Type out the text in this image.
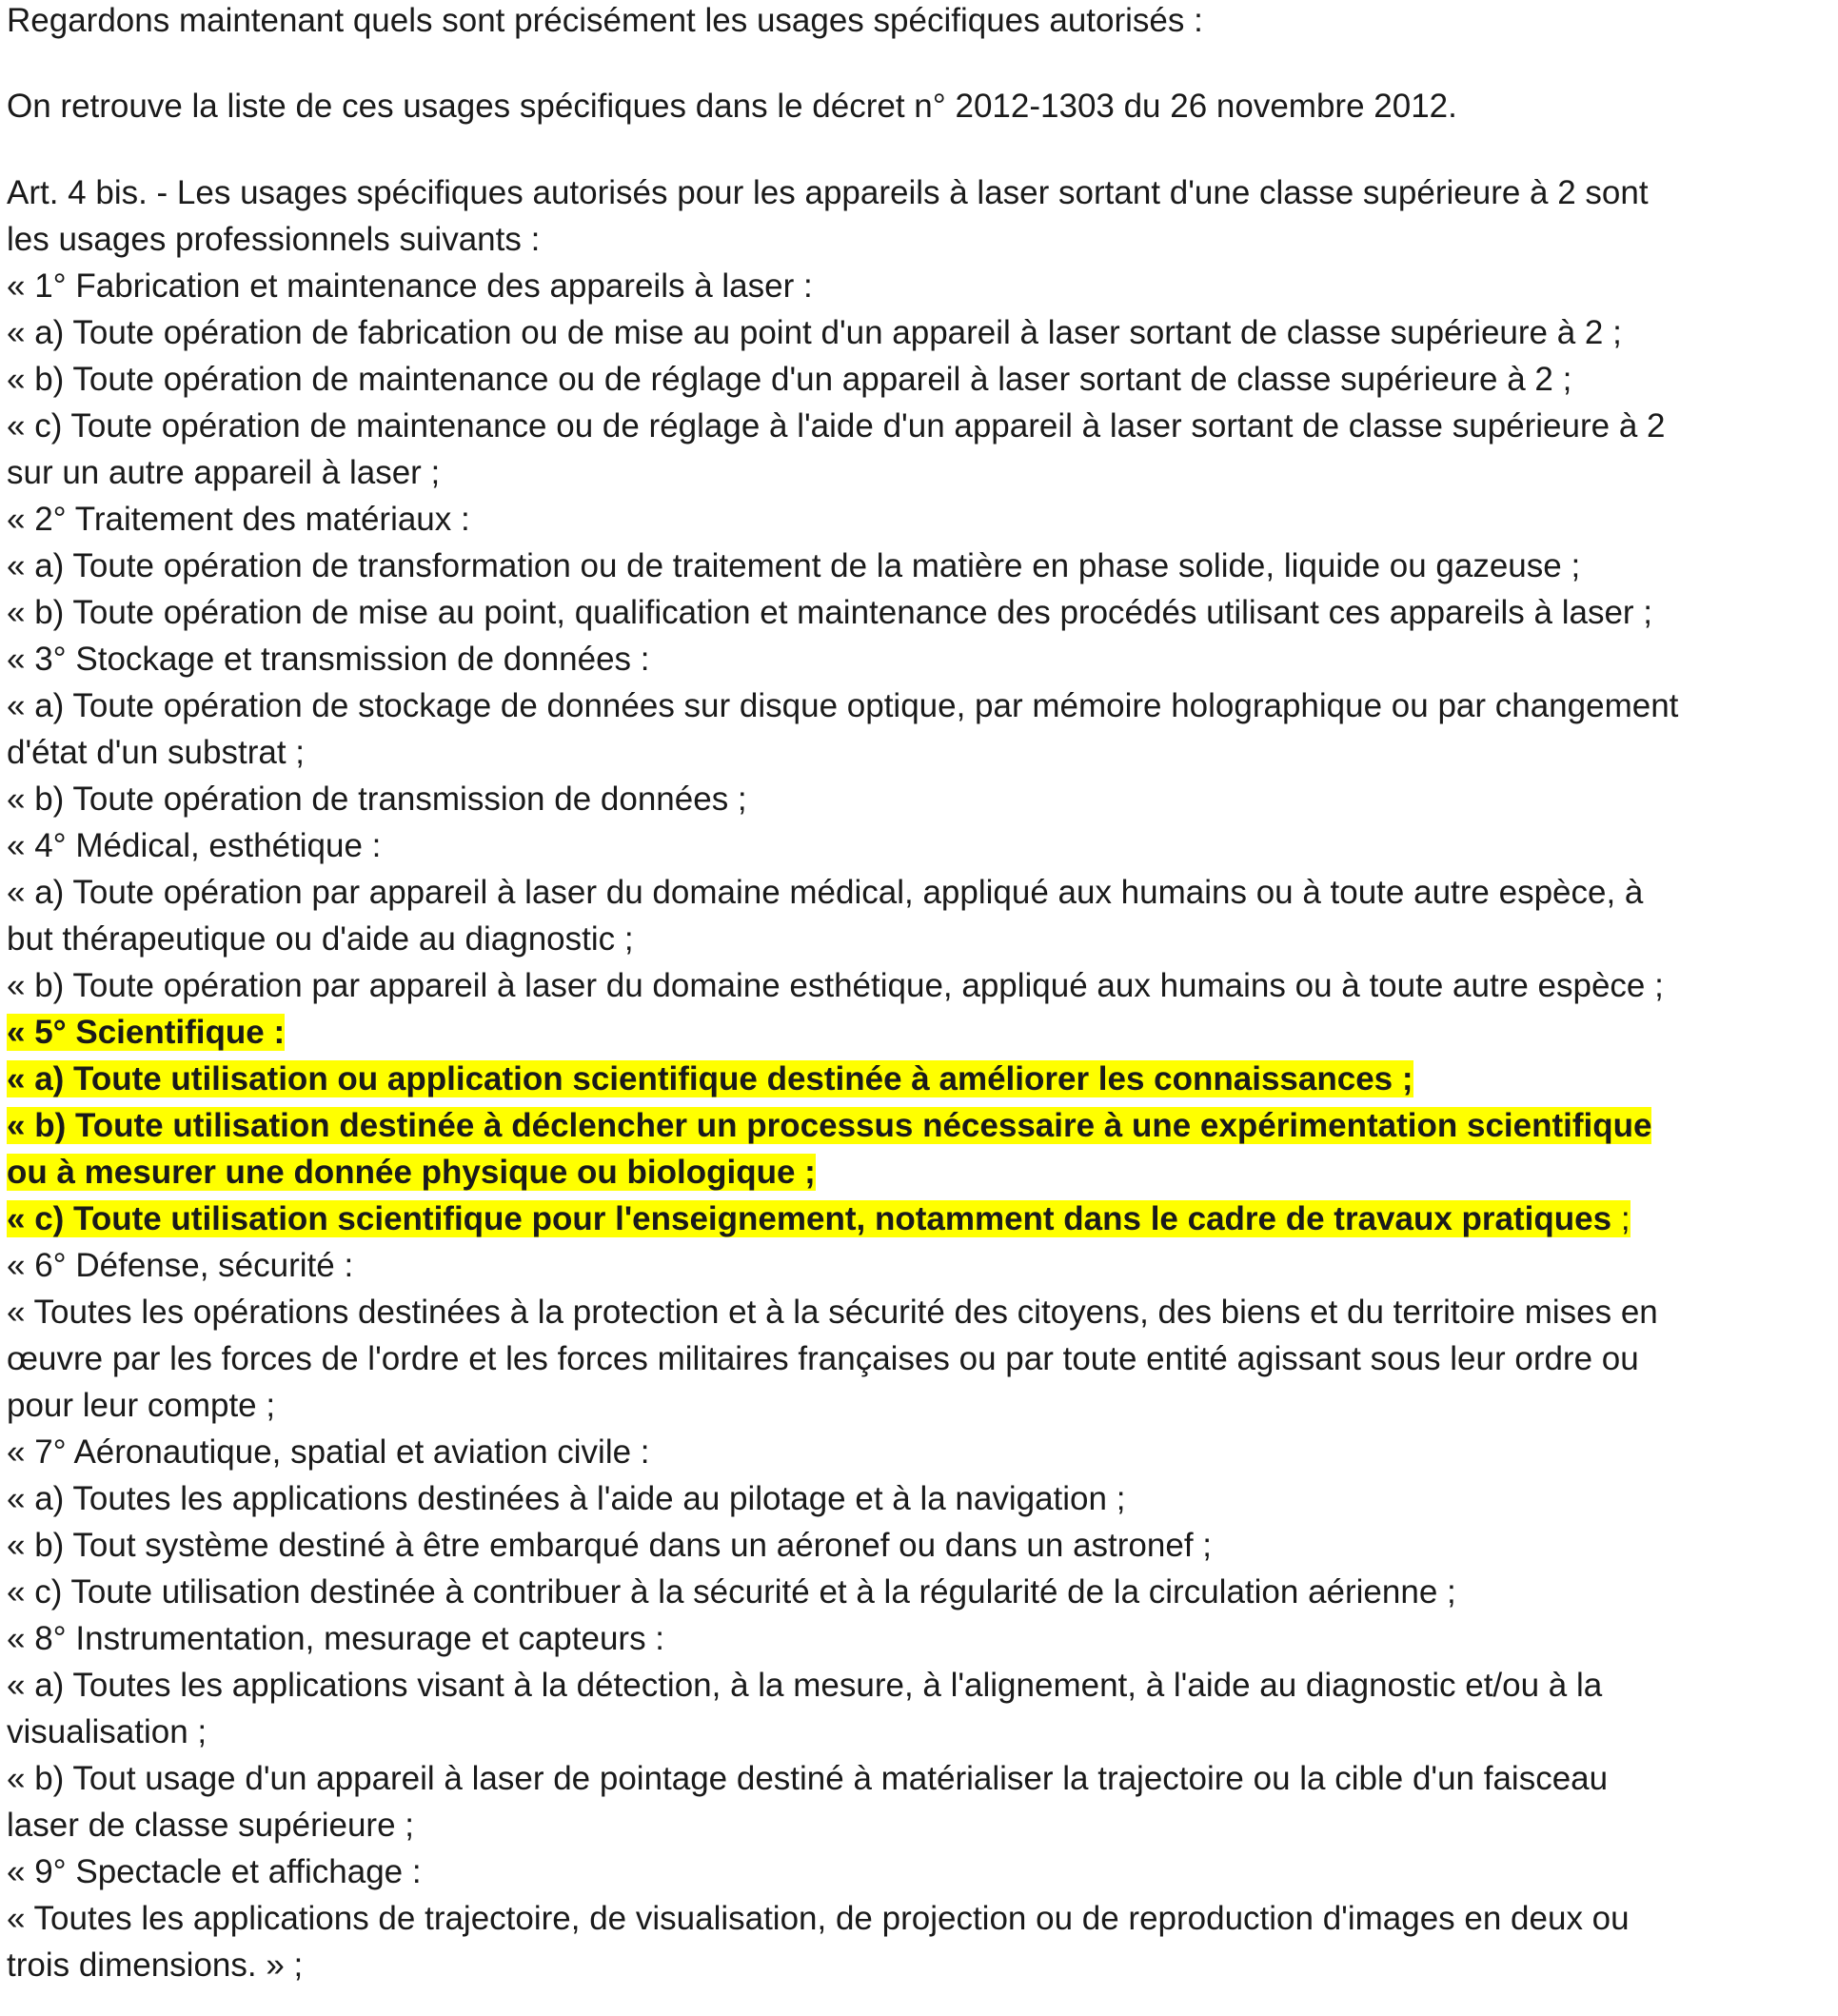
Regardons maintenant quels sont précisément les usages spécifiques autorisés :
On retrouve la liste de ces usages spécifiques dans le décret n° 2012-1303 du 26 novembre 2012.
Art. 4 bis. - Les usages spécifiques autorisés pour les appareils à laser sortant d'une classe supérieure à 2 sont
les usages professionnels suivants :
« 1° Fabrication et maintenance des appareils à laser :
« a) Toute opération de fabrication ou de mise au point d'un appareil à laser sortant de classe supérieure à 2 ;
« b) Toute opération de maintenance ou de réglage d'un appareil à laser sortant de classe supérieure à 2 ;
« c) Toute opération de maintenance ou de réglage à l'aide d'un appareil à laser sortant de classe supérieure à 2
sur un autre appareil à laser ;
« 2° Traitement des matériaux :
« a) Toute opération de transformation ou de traitement de la matière en phase solide, liquide ou gazeuse ;
« b) Toute opération de mise au point, qualification et maintenance des procédés utilisant ces appareils à laser ;
« 3° Stockage et transmission de données :
« a) Toute opération de stockage de données sur disque optique, par mémoire holographique ou par changement
d'état d'un substrat ;
« b) Toute opération de transmission de données ;
« 4° Médical, esthétique :
« a) Toute opération par appareil à laser du domaine médical, appliqué aux humains ou à toute autre espèce, à
but thérapeutique ou d'aide au diagnostic ;
« b) Toute opération par appareil à laser du domaine esthétique, appliqué aux humains ou à toute autre espèce ;
« 5° Scientifique :
« a) Toute utilisation ou application scientifique destinée à améliorer les connaissances ;
« b) Toute utilisation destinée à déclencher un processus nécessaire à une expérimentation scientifique
ou à mesurer une donnée physique ou biologique ;
« c) Toute utilisation scientifique pour l'enseignement, notamment dans le cadre de travaux pratiques ;
« 6° Défense, sécurité :
« Toutes les opérations destinées à la protection et à la sécurité des citoyens, des biens et du territoire mises en
œuvre par les forces de l'ordre et les forces militaires françaises ou par toute entité agissant sous leur ordre ou
pour leur compte ;
« 7° Aéronautique, spatial et aviation civile :
« a) Toutes les applications destinées à l'aide au pilotage et à la navigation ;
« b) Tout système destiné à être embarqué dans un aéronef ou dans un astronef ;
« c) Toute utilisation destinée à contribuer à la sécurité et à la régularité de la circulation aérienne ;
« 8° Instrumentation, mesurage et capteurs :
« a) Toutes les applications visant à la détection, à la mesure, à l'alignement, à l'aide au diagnostic et/ou à la
visualisation ;
« b) Tout usage d'un appareil à laser de pointage destiné à matérialiser la trajectoire ou la cible d'un faisceau
laser de classe supérieure ;
« 9° Spectacle et affichage :
« Toutes les applications de trajectoire, de visualisation, de projection ou de reproduction d'images en deux ou
trois dimensions. » ;
